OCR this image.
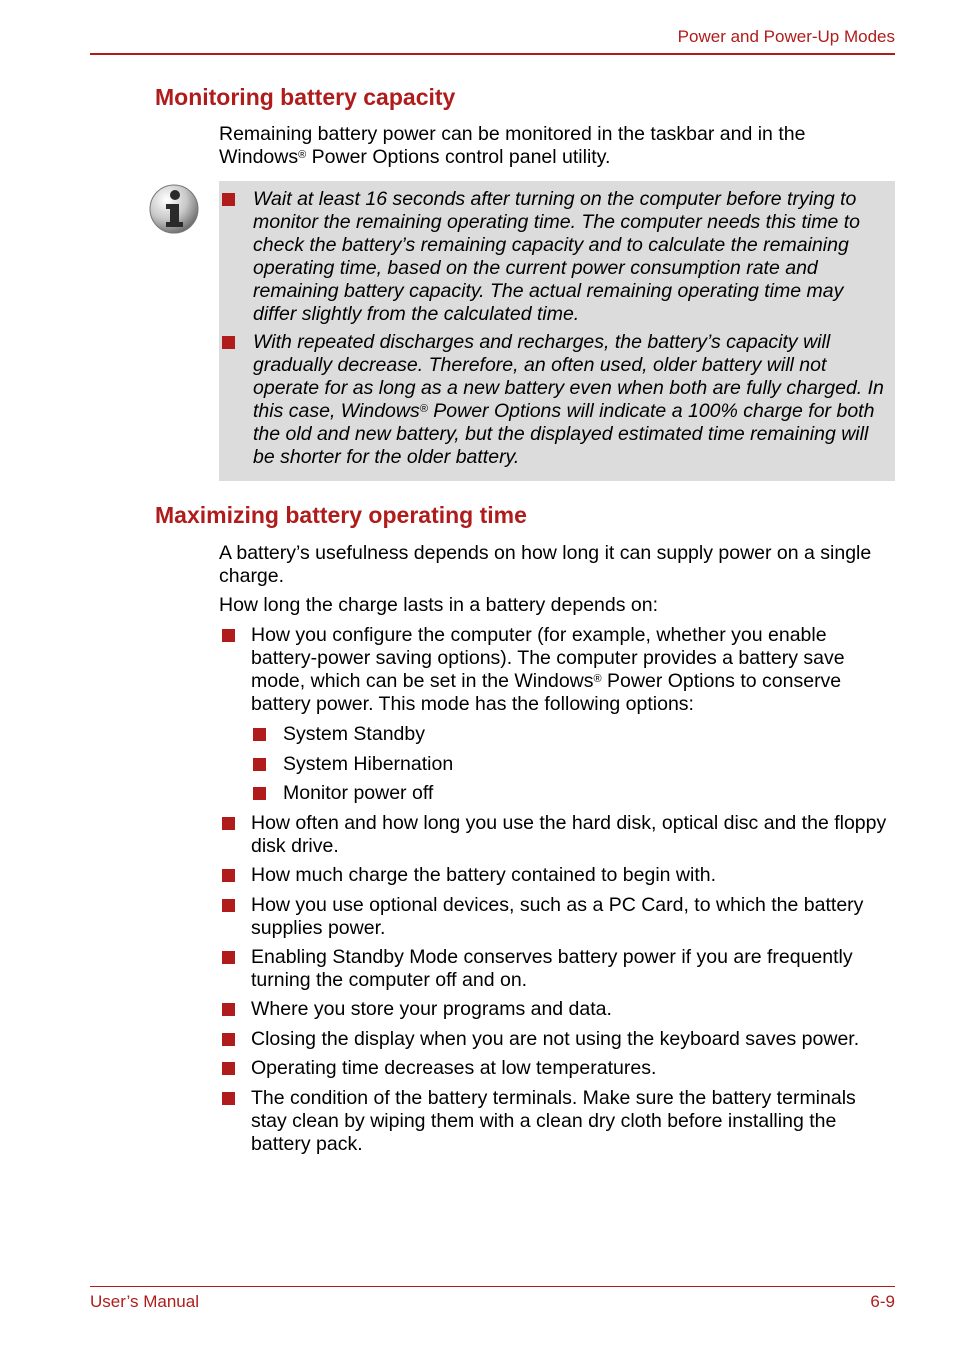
Power and Power-Up Modes
Monitoring battery capacity

Remaining battery power can be monitored in the taskbar and in the
Windows® Power Options control panel utility.

Wait at least 16 seconds after turning on the computer before trying to monitor the remaining operating time. The computer needs this time to check the battery’s remaining capacity and to calculate the remaining operating time, based on the current power consumption rate and remaining battery capacity. The actual remaining operating time may differ slightly from the calculated time.
With repeated discharges and recharges, the battery’s capacity will gradually decrease. Therefore, an often used, older battery will not operate for as long as a new battery even when both are fully charged. In this case, Windows® Power Options will indicate a 100% charge for both the old and new battery, but the displayed estimated time remaining will be shorter for the older battery.
Maximizing battery operating time

A battery’s usefulness depends on how long it can supply power on a single charge.

How long the charge lasts in a battery depends on:

How you configure the computer (for example, whether you enable battery-power saving options). The computer provides a battery save mode, which can be set in the Windows® Power Options to conserve battery power. This mode has the following options:
System Standby
System Hibernation
Monitor power off
How often and how long you use the hard disk, optical disc and the floppy disk drive.
How much charge the battery contained to begin with.
How you use optional devices, such as a PC Card, to which the battery supplies power.
Enabling Standby Mode conserves battery power if you are frequently turning the computer off and on.
Where you store your programs and data.
Closing the display when you are not using the keyboard saves power.
Operating time decreases at low temperatures.
The condition of the battery terminals. Make sure the battery terminals stay clean by wiping them with a clean dry cloth before installing the battery pack.
User’s Manual	6-9
